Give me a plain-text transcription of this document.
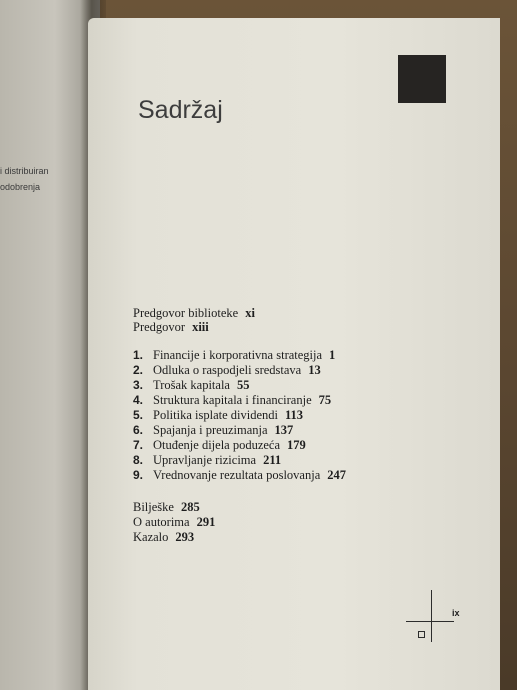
i distribuiran
odobrenja
Sadržaj
Predgovor biblioteke xi
Predgovor xiii
1. Financije i korporativna strategija 1
2. Odluka o raspodjeli sredstava 13
3. Trošak kapitala 55
4. Struktura kapitala i financiranje 75
5. Politika isplate dividendi 113
6. Spajanja i preuzimanja 137
7. Otuđenje dijela poduzeća 179
8. Upravljanje rizicima 211
9. Vrednovanje rezultata poslovanja 247
Bilješke 285
O autorima 291
Kazalo 293
ix
